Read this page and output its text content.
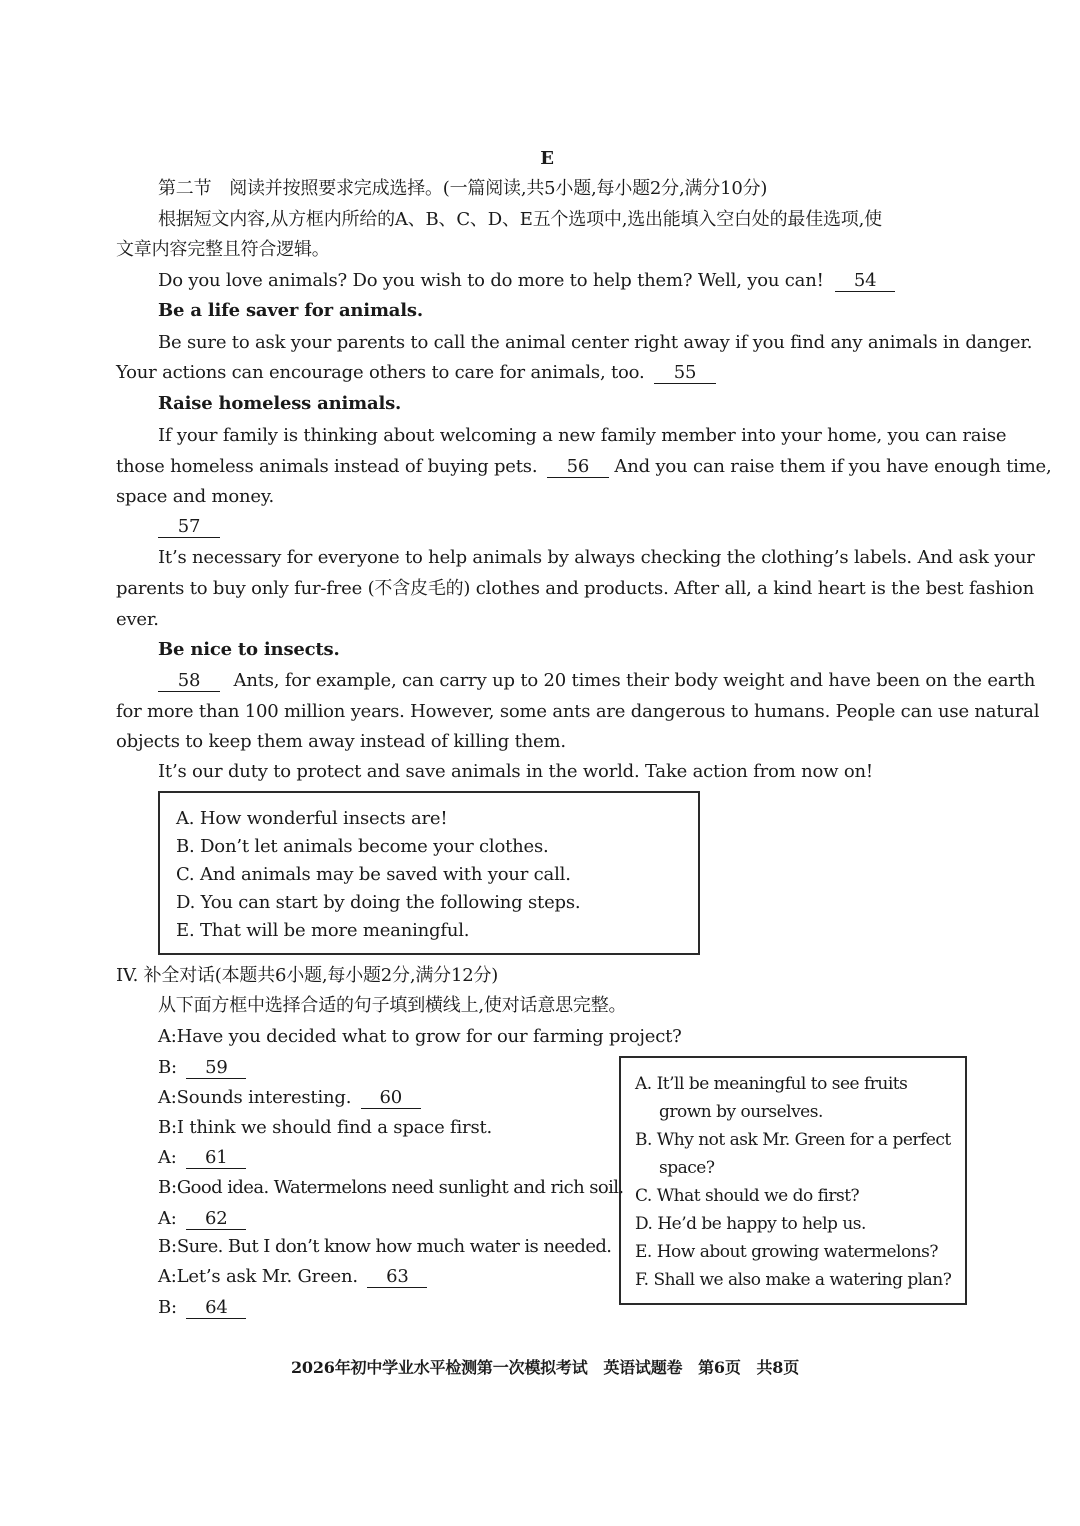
E
第二节　阅读并按照要求完成选择。(一篇阅读,共5小题,每小题2分,满分10分)
根据短文内容,从方框内所给的A、B、C、D、E五个选项中,选出能填入空白处的最佳选项,使
文章内容完整且符合逻辑。
Do you love animals? Do you wish to do more to help them? Well, you can! 54
Be a life saver for animals.
Be sure to ask your parents to call the animal center right away if you find any animals in danger.
Your actions can encourage others to care for animals, too. 55
Raise homeless animals.
If your family is thinking about welcoming a new family member into your home, you can raise
those homeless animals instead of buying pets. 56 And you can raise them if you have enough time,
space and money.
57
It’s necessary for everyone to help animals by always checking the clothing’s labels. And ask your
parents to buy only fur-free (不含皮毛的) clothes and products. After all, a kind heart is the best fashion
ever.
Be nice to insects.
58 Ants, for example, can carry up to 20 times their body weight and have been on the earth
for more than 100 million years. However, some ants are dangerous to humans. People can use natural
objects to keep them away instead of killing them.
It’s our duty to protect and save animals in the world. Take action from now on!
A. How wonderful insects are!
B. Don’t let animals become your clothes.
C. And animals may be saved with your call.
D. You can start by doing the following steps.
E. That will be more meaningful.
IV. 补全对话(本题共6小题,每小题2分,满分12分)
从下面方框中选择合适的句子填到横线上,使对话意思完整。
A:Have you decided what to grow for our farming project?
B: 59
A:Sounds interesting. 60
B:I think we should find a space first.
A: 61
B:Good idea. Watermelons need sunlight and rich soil.
A: 62
B:Sure. But I don’t know how much water is needed.
A:Let’s ask Mr. Green. 63
B: 64
A. It’ll be meaningful to see fruits
grown by ourselves.
B. Why not ask Mr. Green for a perfect
space?
C. What should we do first?
D. He’d be happy to help us.
E. How about growing watermelons?
F. Shall we also make a watering plan?
2026年初中学业水平检测第一次模拟考试　英语试题卷　第6页　共8页
